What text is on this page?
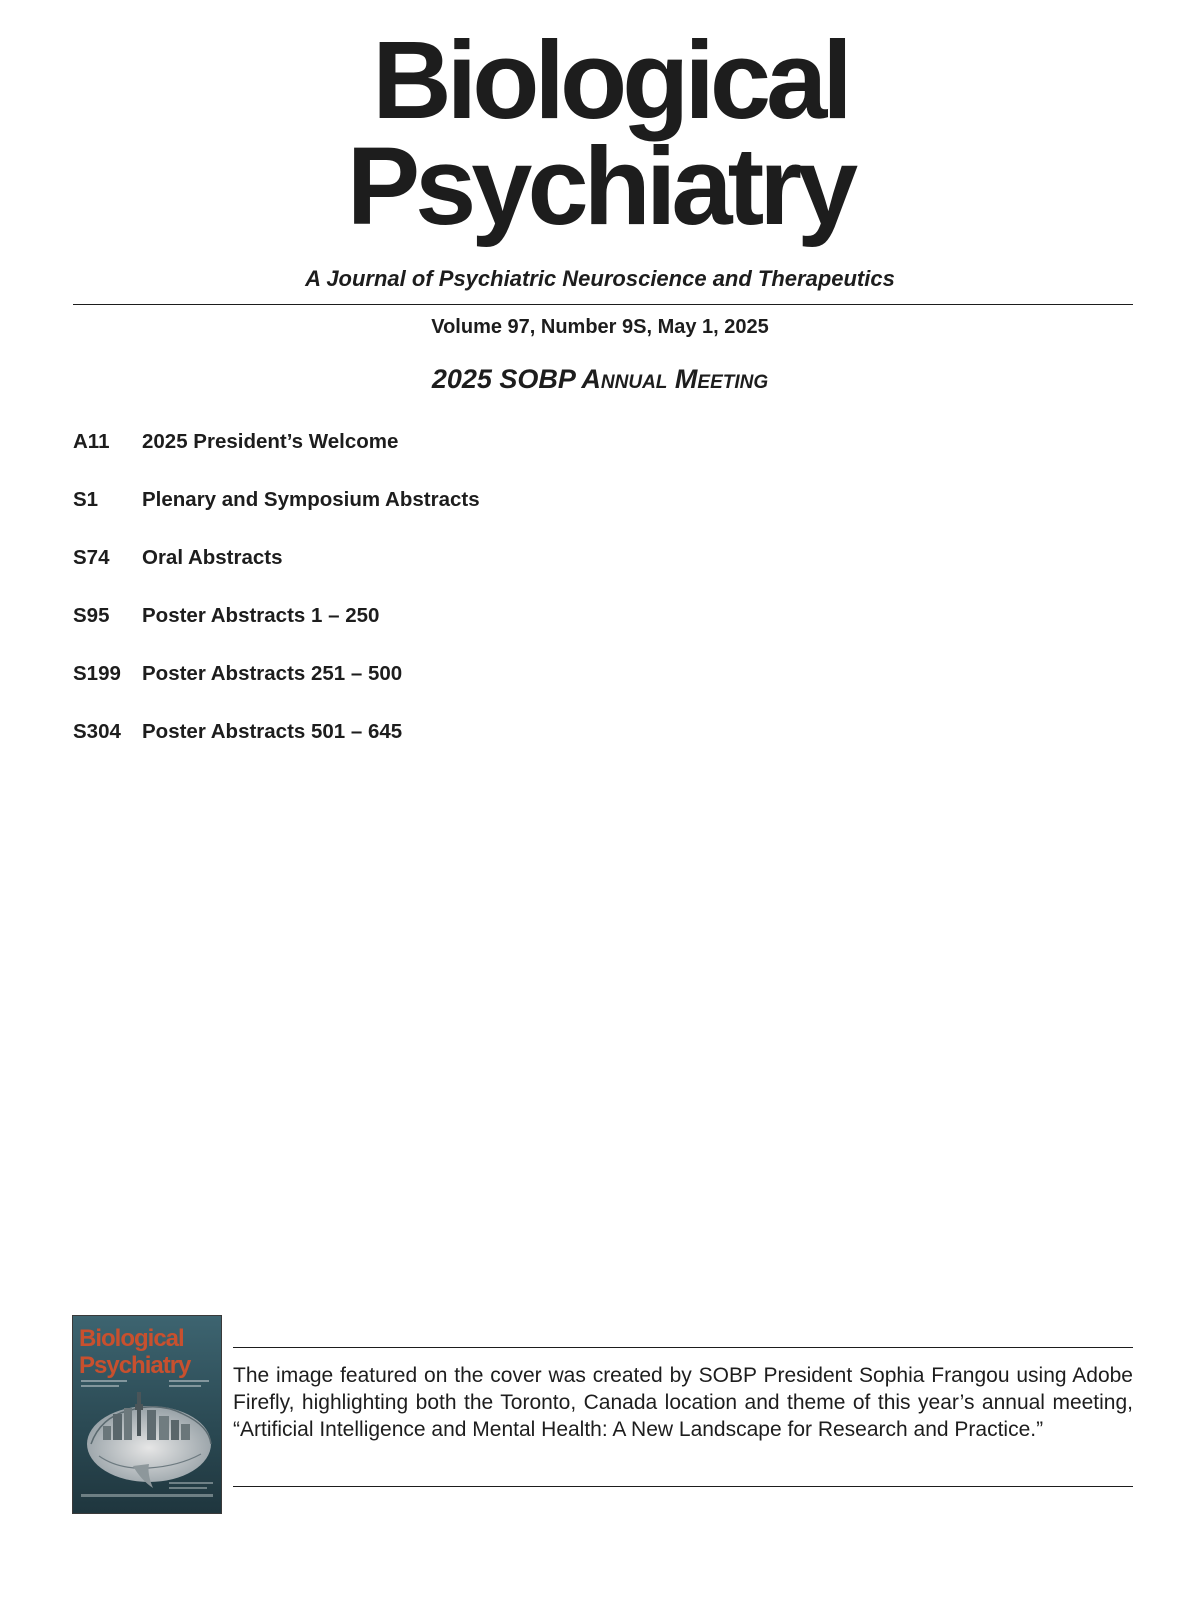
Biological
Psychiatry
A Journal of Psychiatric Neuroscience and Therapeutics
Volume 97, Number 9S, May 1, 2025
2025 SOBP Annual Meeting
A11	2025 President’s Welcome
S1	Plenary and Symposium Abstracts
S74	Oral Abstracts
S95	Poster Abstracts 1 – 250
S199	Poster Abstracts 251 – 500
S304	Poster Abstracts 501 – 645
Biological
Psychiatry The image featured on the cover was created by SOBP President Sophia Frangou using Adobe Firefly, highlighting both the Toronto, Canada location and theme of this year’s annual meeting, “Artificial Intelligence and Mental Health: A New Landscape for Research and Practice.”
